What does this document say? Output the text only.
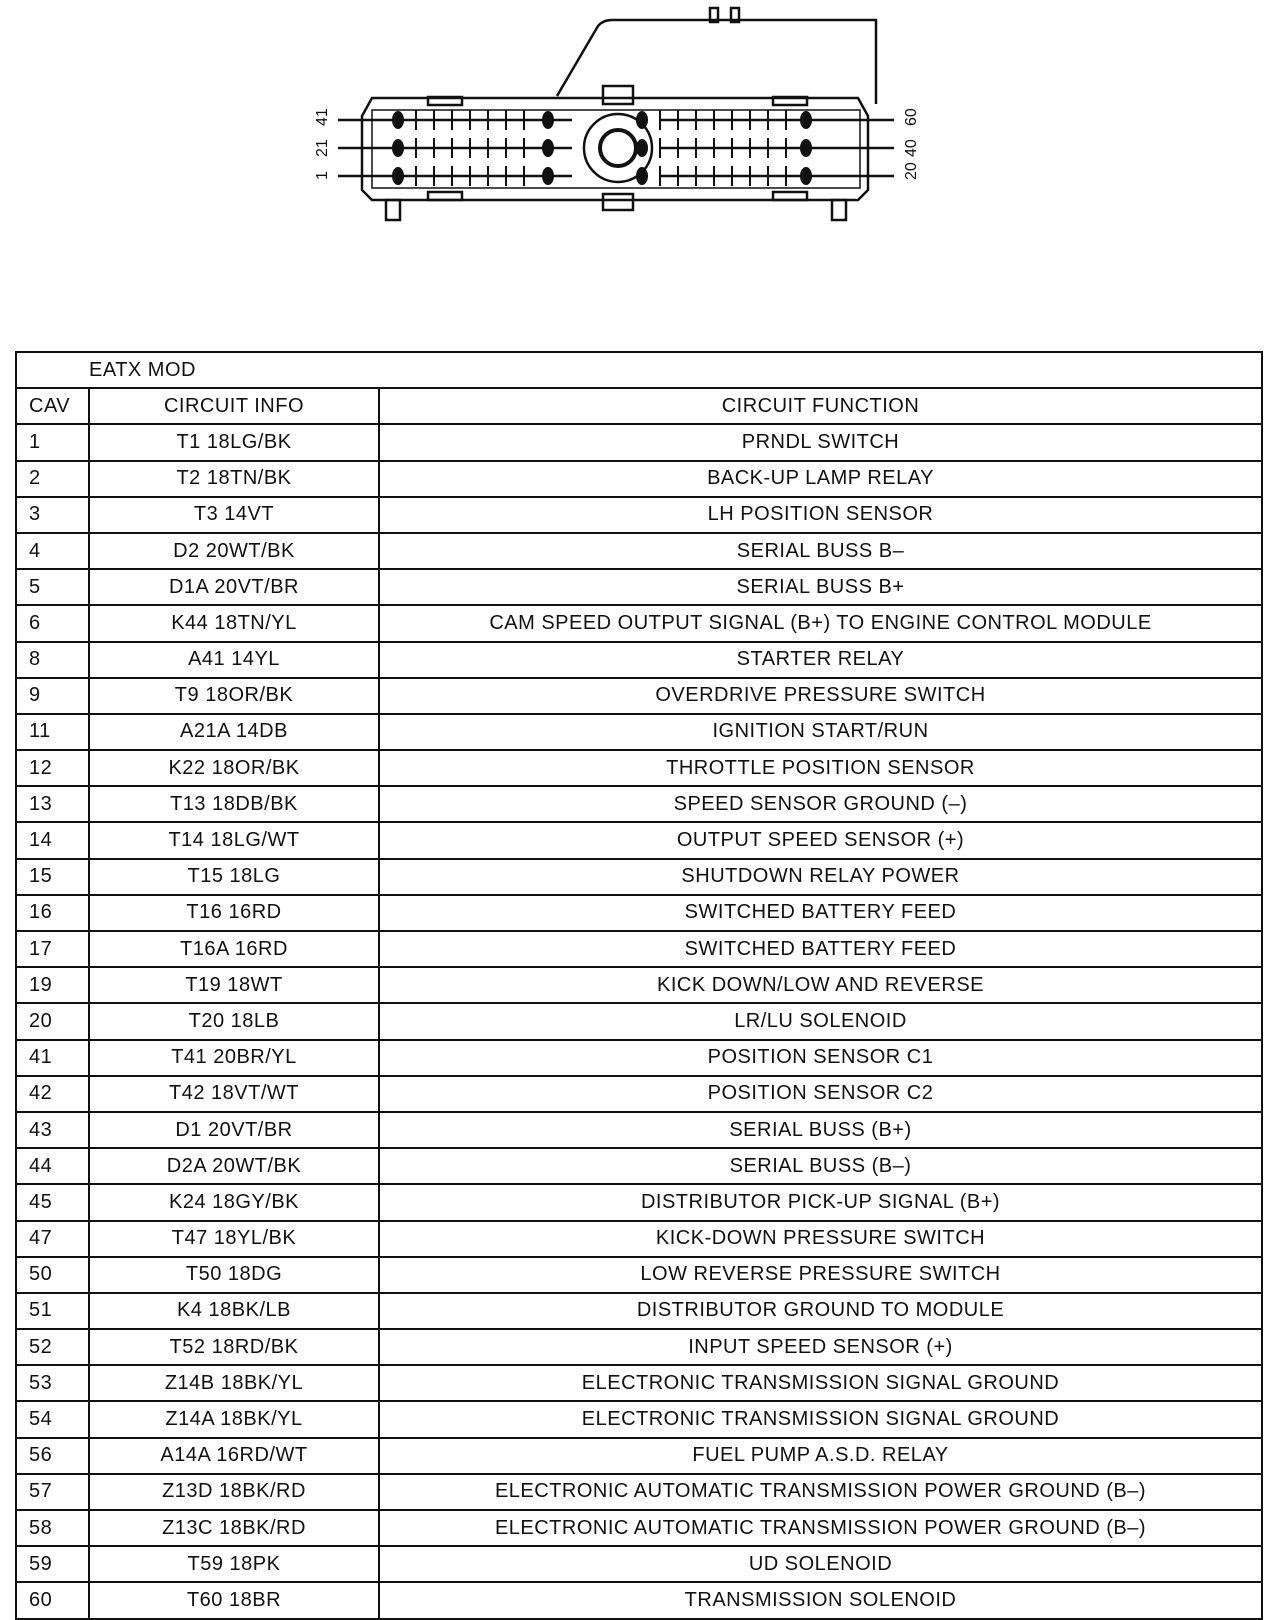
1
21
41
20
40
60
EATX MOD		
CAV	CIRCUIT INFO	CIRCUIT FUNCTION
1	T1 18LG/BK	PRNDL SWITCH
2	T2 18TN/BK	BACK-UP LAMP RELAY
3	T3 14VT	LH POSITION SENSOR
4	D2 20WT/BK	SERIAL BUSS B–
5	D1A 20VT/BR	SERIAL BUSS B+
6	K44 18TN/YL	CAM SPEED OUTPUT SIGNAL (B+) TO ENGINE CONTROL MODULE
8	A41 14YL	STARTER RELAY
9	T9 18OR/BK	OVERDRIVE PRESSURE SWITCH
11	A21A 14DB	IGNITION START/RUN
12	K22 18OR/BK	THROTTLE POSITION SENSOR
13	T13 18DB/BK	SPEED SENSOR GROUND (–)
14	T14 18LG/WT	OUTPUT SPEED SENSOR (+)
15	T15 18LG	SHUTDOWN RELAY POWER
16	T16 16RD	SWITCHED BATTERY FEED
17	T16A 16RD	SWITCHED BATTERY FEED
19	T19 18WT	KICK DOWN/LOW AND REVERSE
20	T20 18LB	LR/LU SOLENOID
41	T41 20BR/YL	POSITION SENSOR C1
42	T42 18VT/WT	POSITION SENSOR C2
43	D1 20VT/BR	SERIAL BUSS (B+)
44	D2A 20WT/BK	SERIAL BUSS (B–)
45	K24 18GY/BK	DISTRIBUTOR PICK-UP SIGNAL (B+)
47	T47 18YL/BK	KICK-DOWN PRESSURE SWITCH
50	T50 18DG	LOW REVERSE PRESSURE SWITCH
51	K4 18BK/LB	DISTRIBUTOR GROUND TO MODULE
52	T52 18RD/BK	INPUT SPEED SENSOR (+)
53	Z14B 18BK/YL	ELECTRONIC TRANSMISSION SIGNAL GROUND
54	Z14A 18BK/YL	ELECTRONIC TRANSMISSION SIGNAL GROUND
56	A14A 16RD/WT	FUEL PUMP A.S.D. RELAY
57	Z13D 18BK/RD	ELECTRONIC AUTOMATIC TRANSMISSION POWER GROUND (B–)
58	Z13C 18BK/RD	ELECTRONIC AUTOMATIC TRANSMISSION POWER GROUND (B–)
59	T59 18PK	UD SOLENOID
60	T60 18BR	TRANSMISSION SOLENOID
